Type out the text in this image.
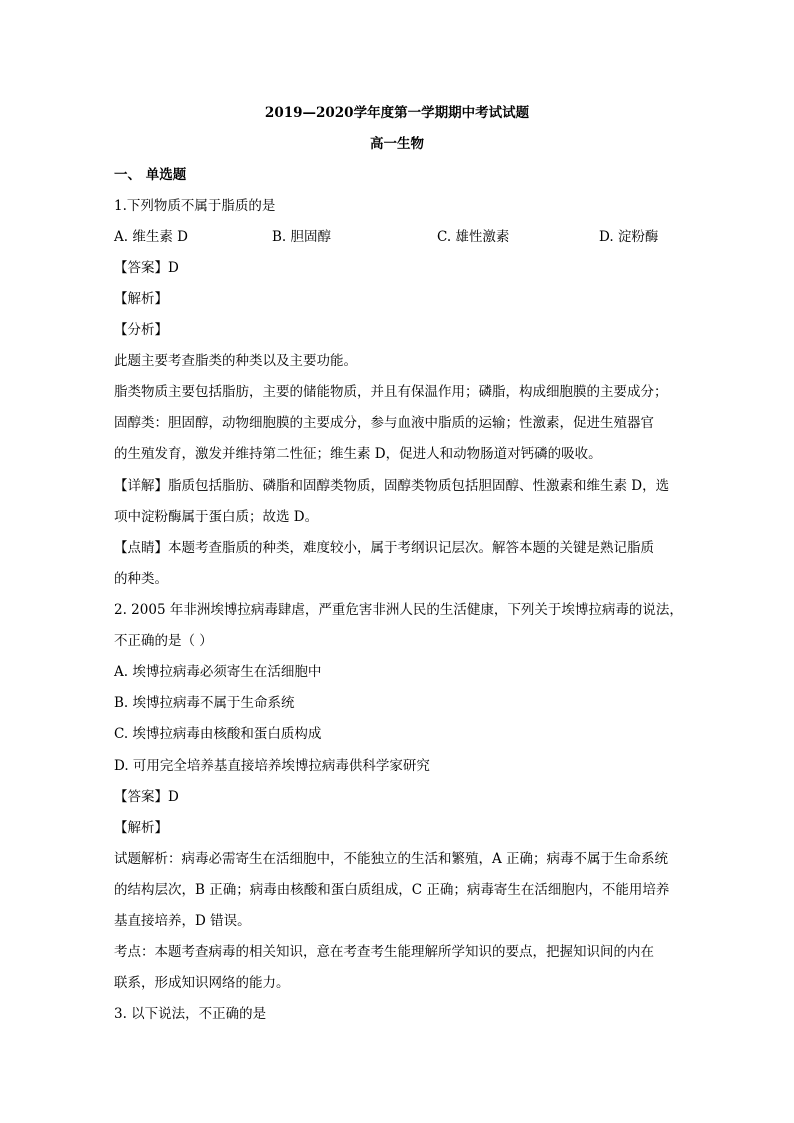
2019—2020学年度第一学期期中考试试题
高一生物
一、 单选题
1.下列物质不属于脂质的是
A. 维生素 D	B. 胆固醇	C. 雄性激素	D. 淀粉酶
【答案】D
【解析】
【分析】
此题主要考查脂类的种类以及主要功能。
脂类物质主要包括脂肪，主要的储能物质，并且有保温作用；磷脂，构成细胞膜的主要成分；
固醇类：胆固醇，动物细胞膜的主要成分，参与血液中脂质的运输；性激素，促进生殖器官
的生殖发育，激发并维持第二性征；维生素 D，促进人和动物肠道对钙磷的吸收。
【详解】脂质包括脂肪、磷脂和固醇类物质，固醇类物质包括胆固醇、性激素和维生素 D，选
项中淀粉酶属于蛋白质；故选 D。
【点睛】本题考查脂质的种类，难度较小，属于考纲识记层次。解答本题的关键是熟记脂质
的种类。
2. 2005 年非洲埃博拉病毒肆虐，严重危害非洲人民的生活健康，下列关于埃博拉病毒的说法，
不正确的是（ ）
A. 埃博拉病毒必须寄生在活细胞中
B. 埃博拉病毒不属于生命系统
C. 埃博拉病毒由核酸和蛋白质构成
D. 可用完全培养基直接培养埃博拉病毒供科学家研究
【答案】D
【解析】
试题解析：病毒必需寄生在活细胞中，不能独立的生活和繁殖，A 正确；病毒不属于生命系统
的结构层次，B 正确；病毒由核酸和蛋白质组成，C 正确；病毒寄生在活细胞内，不能用培养
基直接培养，D 错误。
考点：本题考查病毒的相关知识，意在考查考生能理解所学知识的要点，把握知识间的内在
联系，形成知识网络的能力。
3. 以下说法，不正确的是
